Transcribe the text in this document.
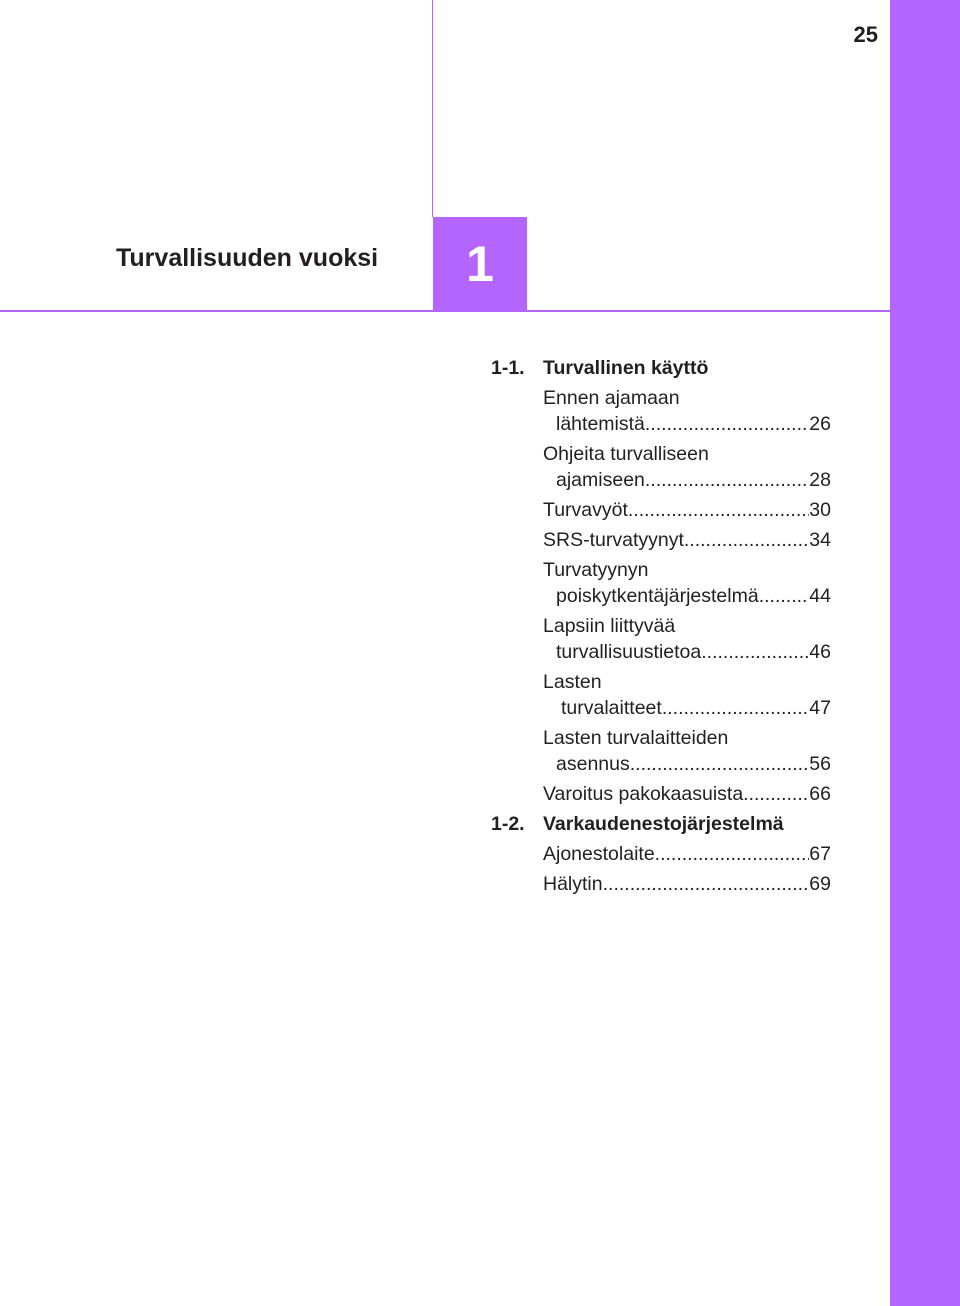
25
Turvallisuuden vuoksi 1
1-1. Turvallinen käyttö
Ennen ajamaan
lähtemistä .....	26
Ohjeita turvalliseen
ajamiseen .....	28
Turvavyöt .....	30
SRS-turvatyynyt .....	34
Turvatyynyn
poiskytkentäjärjestelmä .....	44
Lapsiin liittyvää
turvallisuustietoa .....	46
Lasten
turvalaitteet .....	47
Lasten turvalaitteiden
asennus .....	56
Varoitus pakokaasuista .....	66
1-2. Varkaudenestojärjestelmä
Ajonestolaite .....	67
Hälytin .....	69
